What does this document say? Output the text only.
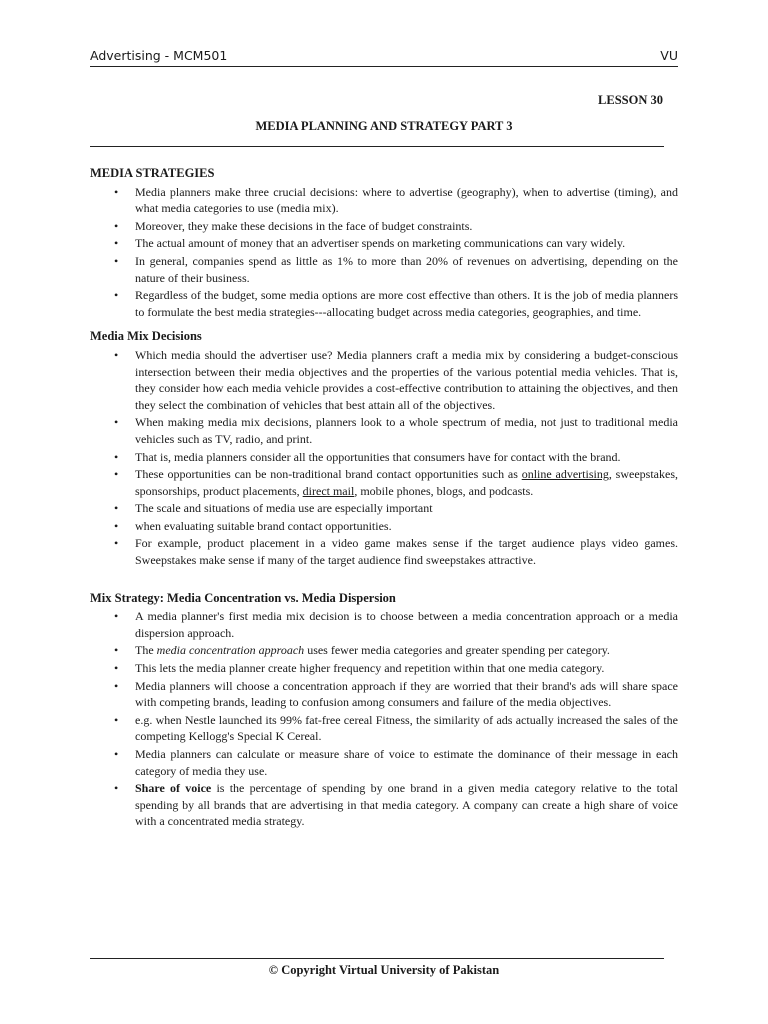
Advertising - MCM501	VU
LESSON 30
MEDIA PLANNING AND STRATEGY PART 3
MEDIA STRATEGIES
• Media planners make three crucial decisions: where to advertise (geography), when to advertise (timing), and what media categories to use (media mix).
• Moreover, they make these decisions in the face of budget constraints.
• The actual amount of money that an advertiser spends on marketing communications can vary widely.
• In general, companies spend as little as 1% to more than 20% of revenues on advertising, depending on the nature of their business.
• Regardless of the budget, some media options are more cost effective than others. It is the job of media planners to formulate the best media strategies---allocating budget across media categories, geographies, and time.
Media Mix Decisions
• Which media should the advertiser use? Media planners craft a media mix by considering a budget-conscious intersection between their media objectives and the properties of the various potential media vehicles. That is, they consider how each media vehicle provides a cost-effective contribution to attaining the objectives, and then they select the combination of vehicles that best attain all of the objectives.
• When making media mix decisions, planners look to a whole spectrum of media, not just to traditional media vehicles such as TV, radio, and print.
• That is, media planners consider all the opportunities that consumers have for contact with the brand.
• These opportunities can be non-traditional brand contact opportunities such as online advertising, sweepstakes, sponsorships, product placements, direct mail, mobile phones, blogs, and podcasts.
• The scale and situations of media use are especially important
• when evaluating suitable brand contact opportunities.
• For example, product placement in a video game makes sense if the target audience plays video games. Sweepstakes make sense if many of the target audience find sweepstakes attractive.
Mix Strategy: Media Concentration vs. Media Dispersion
• A media planner's first media mix decision is to choose between a media concentration approach or a media dispersion approach.
• The media concentration approach uses fewer media categories and greater spending per category.
• This lets the media planner create higher frequency and repetition within that one media category.
• Media planners will choose a concentration approach if they are worried that their brand's ads will share space with competing brands, leading to confusion among consumers and failure of the media objectives.
• e.g. when Nestle launched its 99% fat-free cereal Fitness, the similarity of ads actually increased the sales of the competing Kellogg's Special K Cereal.
• Media planners can calculate or measure share of voice to estimate the dominance of their message in each category of media they use.
• Share of voice is the percentage of spending by one brand in a given media category relative to the total spending by all brands that are advertising in that media category. A company can create a high share of voice with a concentrated media strategy.
© Copyright Virtual University of Pakistan
